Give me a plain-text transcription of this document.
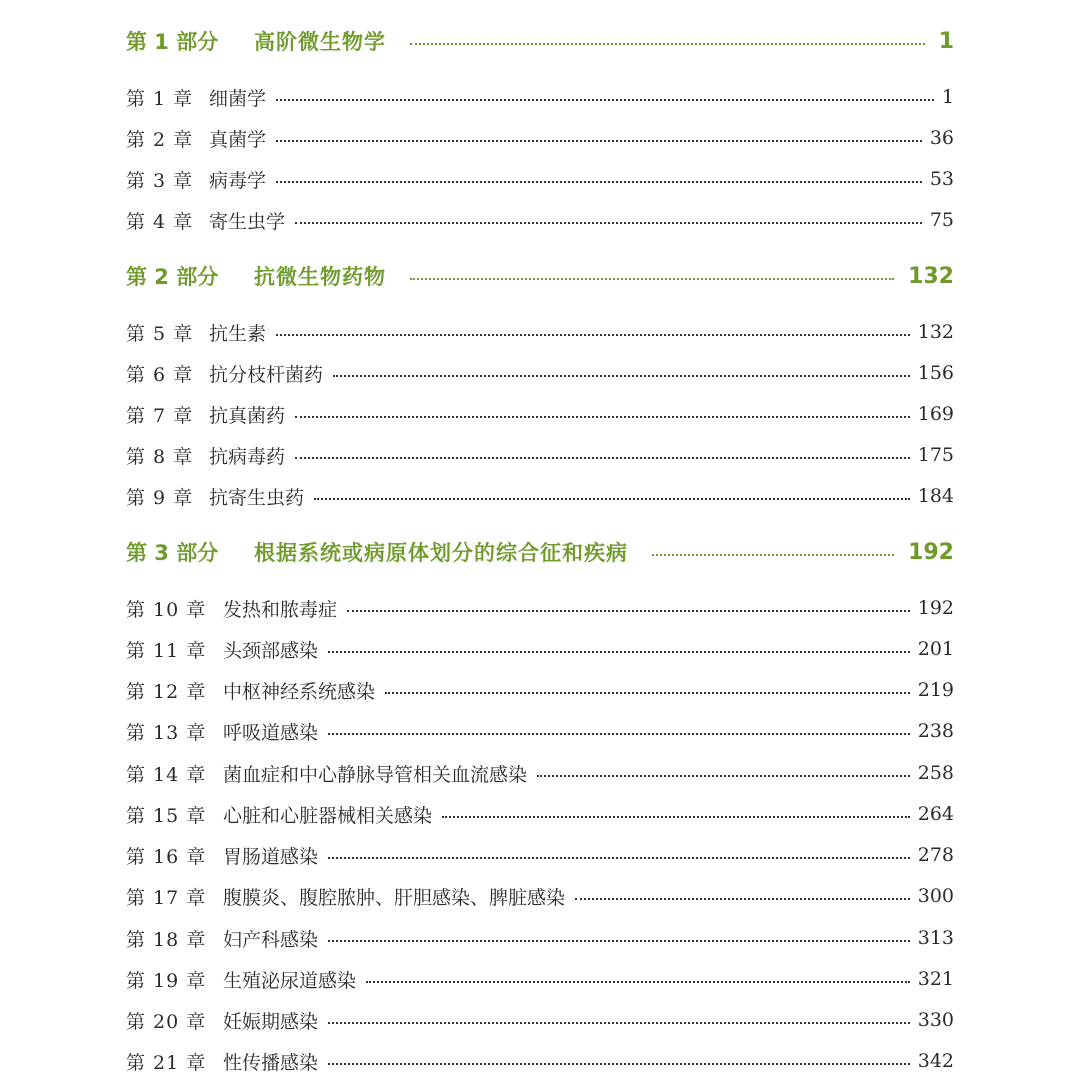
第 1 部分 高阶微生物学	1
第 1 章 细菌学	1
第 2 章 真菌学	36
第 3 章 病毒学	53
第 4 章 寄生虫学	75
第 2 部分 抗微生物药物	132
第 5 章 抗生素	132
第 6 章 抗分枝杆菌药	156
第 7 章 抗真菌药	169
第 8 章 抗病毒药	175
第 9 章 抗寄生虫药	184
第 3 部分 根据系统或病原体划分的综合征和疾病	192
第 10 章 发热和脓毒症	192
第 11 章 头颈部感染	201
第 12 章 中枢神经系统感染	219
第 13 章 呼吸道感染	238
第 14 章 菌血症和中心静脉导管相关血流感染	258
第 15 章 心脏和心脏器械相关感染	264
第 16 章 胃肠道感染	278
第 17 章 腹膜炎、腹腔脓肿、肝胆感染、脾脏感染	300
第 18 章 妇产科感染	313
第 19 章 生殖泌尿道感染	321
第 20 章 妊娠期感染	330
第 21 章 性传播感染	342
